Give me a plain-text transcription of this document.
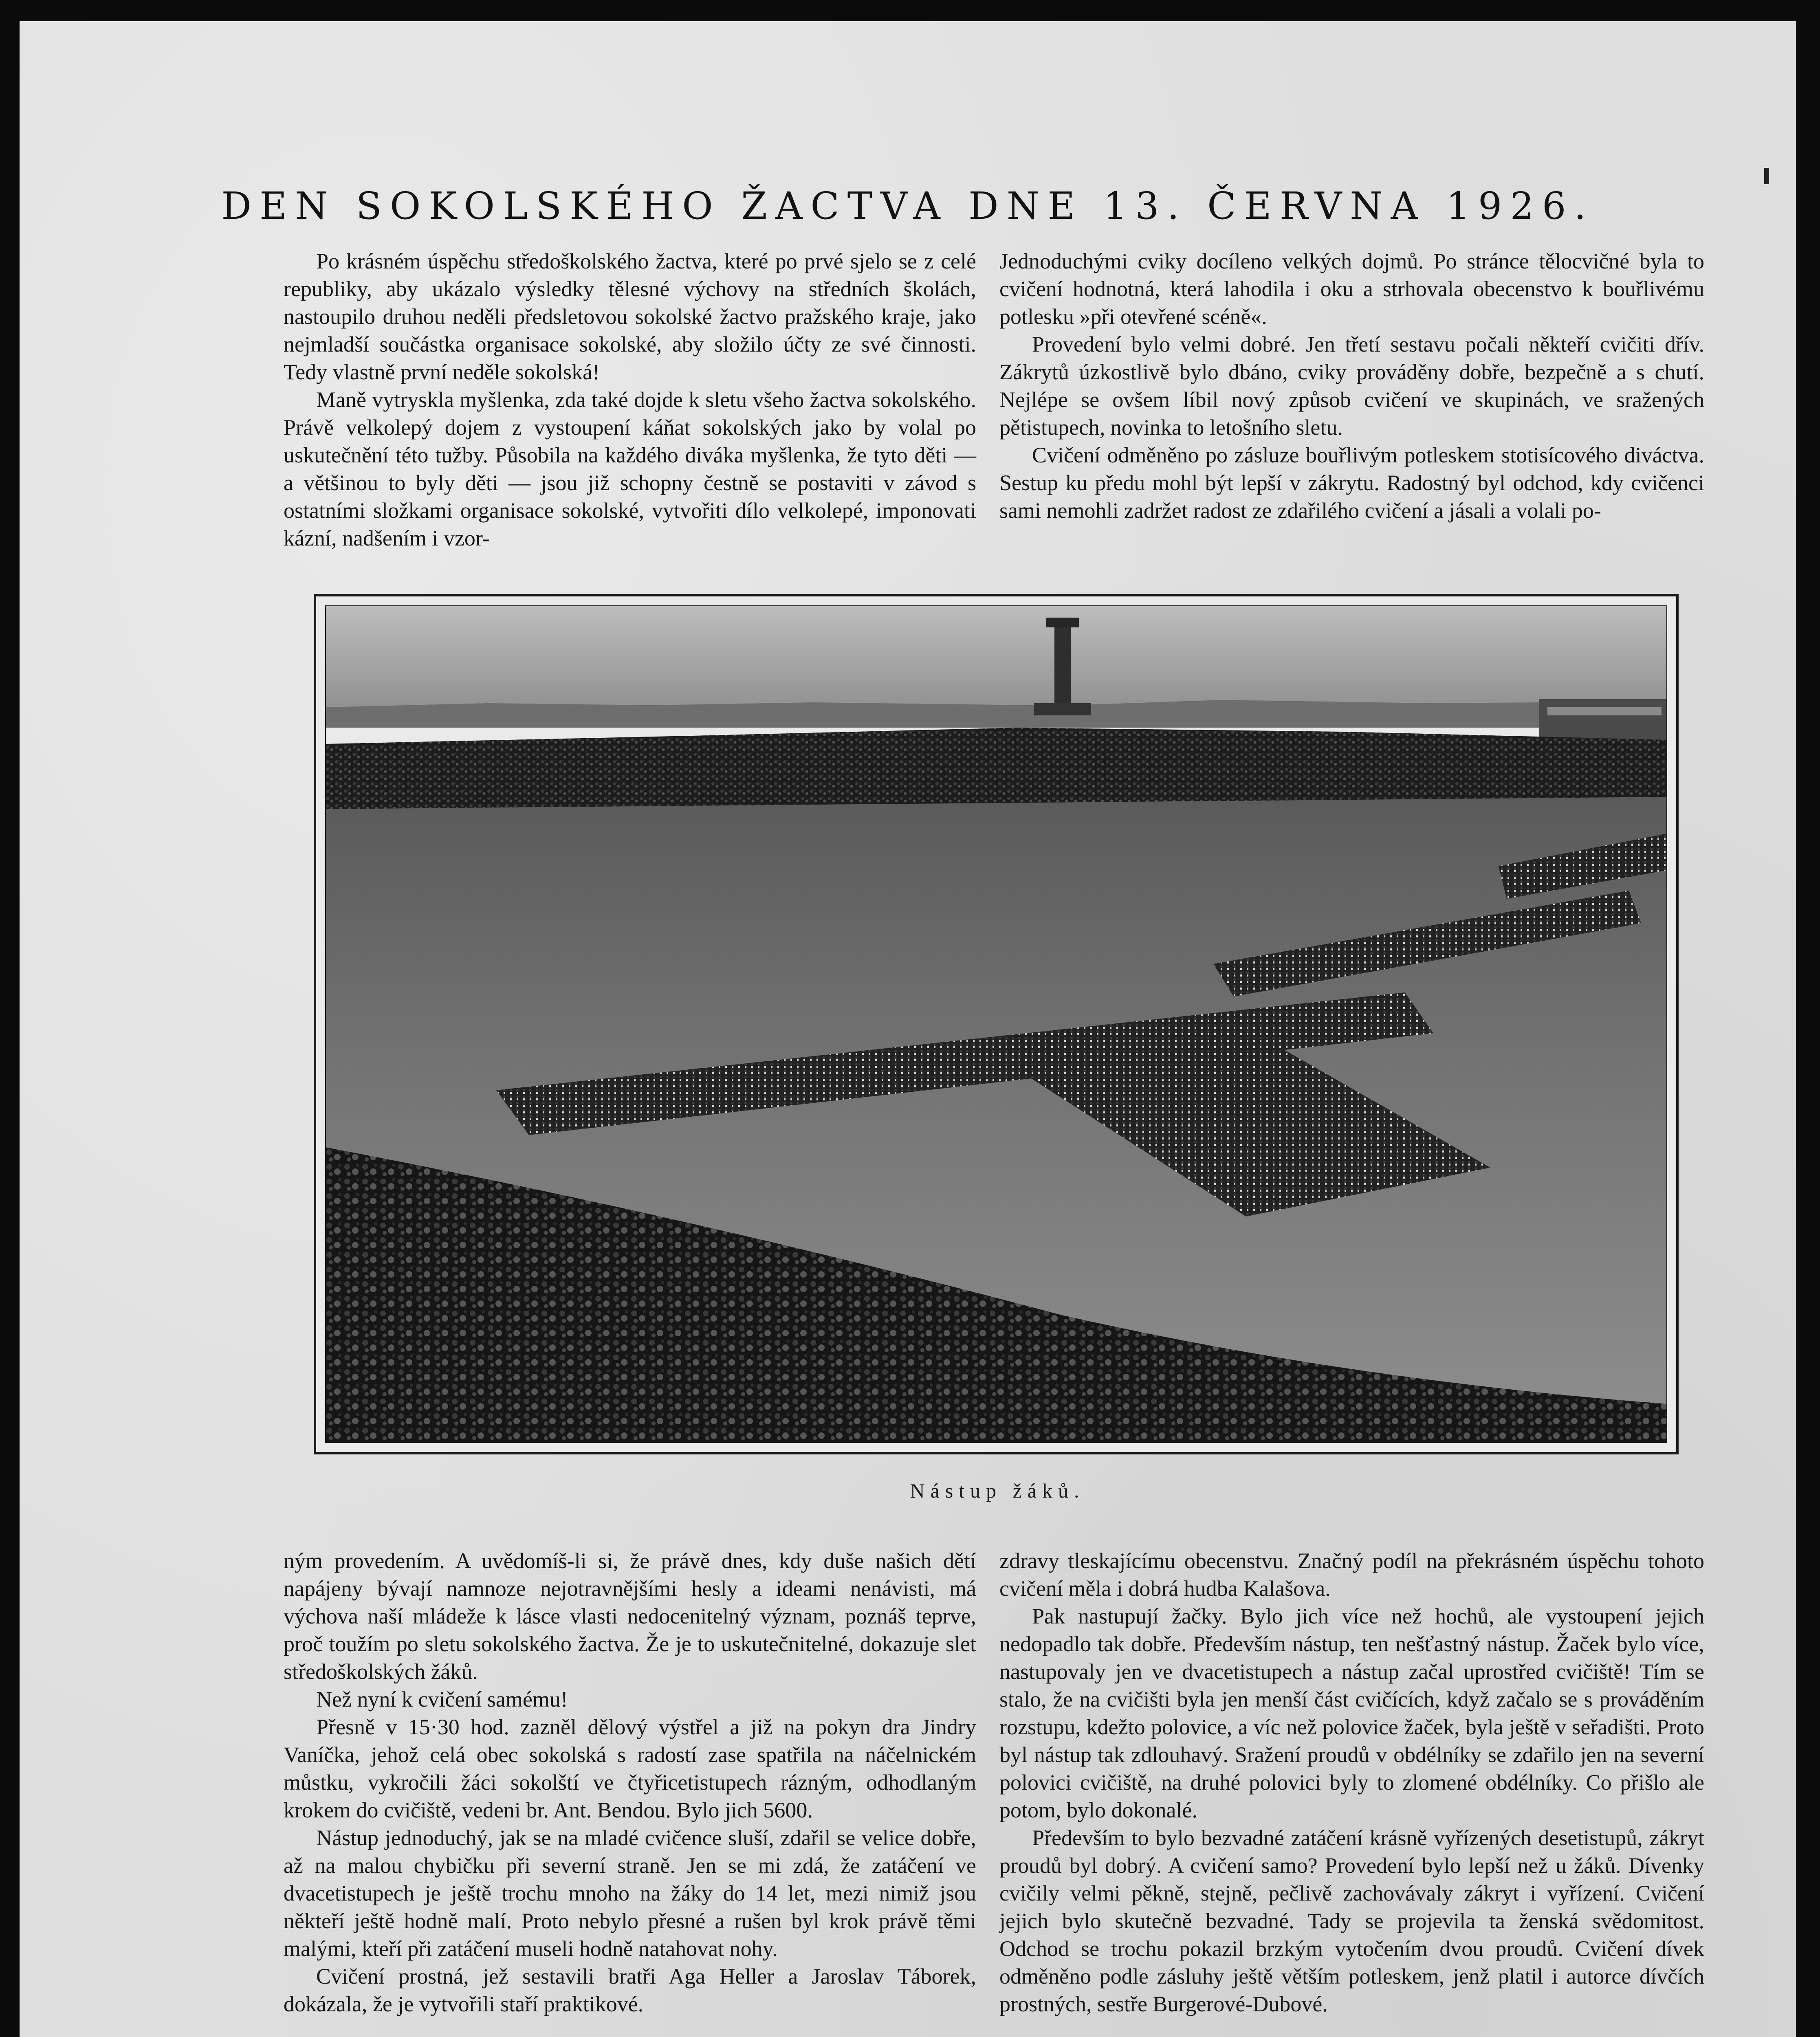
DEN SOKOLSKÉHO ŽACTVA DNE 13. ČERVNA 1926.

Po krásném úspěchu středoškolského žactva, které po prvé sjelo se z celé republiky, aby ukázalo výsledky tělesné výchovy na středních školách, nastoupilo druhou neděli předsletovou sokolské žactvo pražského kraje, jako nejmladší součástka organisace sokolské, aby složilo účty ze své činnosti. Tedy vlastně první neděle sokolská!

Maně vytryskla myšlenka, zda také dojde k sletu všeho žactva sokolského. Právě velkolepý dojem z vystoupení káňat sokolských jako by volal po uskutečnění této tužby. Působila na každého diváka myšlenka, že tyto děti — a většinou to byly děti — jsou již schopny čestně se postaviti v závod s ostatními složkami organisace sokolské, vytvořiti dílo velkolepé, imponovati kázní, nadšením i vzor-

Jednoduchými cviky docíleno velkých dojmů. Po stránce tělocvičné byla to cvičení hodnotná, která lahodila i oku a strhovala obecenstvo k bouřlivému potlesku »při otevřené scéně«.

Provedení bylo velmi dobré. Jen třetí sestavu počali někteří cvičiti dřív. Zákrytů úzkostlivě bylo dbáno, cviky prováděny dobře, bezpečně a s chutí. Nejlépe se ovšem líbil nový způsob cvičení ve skupinách, ve sražených pětistupech, novinka to letošního sletu.

Cvičení odměněno po zásluze bouřlivým potleskem stotisícového diváctva. Sestup ku předu mohl být lepší v zákrytu. Radostný byl odchod, kdy cvičenci sami nemohli zadržet radost ze zdařilého cvičení a jásali a volali po-

Nástup žáků.

ným provedením. A uvědomíš-li si, že právě dnes, kdy duše našich dětí napájeny bývají namnoze nejotravnějšími hesly a ideami nenávisti, má výchova naší mládeže k lásce vlasti nedocenitelný význam, poznáš teprve, proč toužím po sletu sokolského žactva. Že je to uskutečnitelné, dokazuje slet středoškolských žáků.

Než nyní k cvičení samému!

Přesně v 15·30 hod. zazněl dělový výstřel a již na pokyn dra Jindry Vaníčka, jehož celá obec sokolská s radostí zase spatřila na náčelnickém můstku, vykročili žáci sokolští ve čtyřicetistupech rázným, odhodlaným krokem do cvičiště, vedeni br. Ant. Bendou. Bylo jich 5600.

Nástup jednoduchý, jak se na mladé cvičence sluší, zdařil se velice dobře, až na malou chybičku při severní straně. Jen se mi zdá, že zatáčení ve dvacetistupech je ještě trochu mnoho na žáky do 14 let, mezi nimiž jsou někteří ještě hodně malí. Proto nebylo přesné a rušen byl krok právě těmi malými, kteří při zatáčení museli hodně natahovat nohy.

Cvičení prostná, jež sestavili bratři Aga Heller a Jaroslav Táborek, dokázala, že je vytvořili staří praktikové.

zdravy tleskajícímu obecenstvu. Značný podíl na překrásném úspěchu tohoto cvičení měla i dobrá hudba Kalašova.

Pak nastupují žačky. Bylo jich více než hochů, ale vystoupení jejich nedopadlo tak dobře. Především nástup, ten nešťastný nástup. Žaček bylo více, nastupovaly jen ve dvacetistupech a nástup začal uprostřed cvičiště! Tím se stalo, že na cvičišti byla jen menší část cvičících, když začalo se s prováděním rozstupu, kdežto polovice, a víc než polovice žaček, byla ještě v seřadišti. Proto byl nástup tak zdlouhavý. Sražení proudů v obdélníky se zdařilo jen na severní polovici cvičiště, na druhé polovici byly to zlomené obdélníky. Co přišlo ale potom, bylo dokonalé.

Především to bylo bezvadné zatáčení krásně vyřízených desetistupů, zákryt proudů byl dobrý. A cvičení samo? Provedení bylo lepší než u žáků. Dívenky cvičily velmi pěkně, stejně, pečlivě zachovávaly zákryt i vyřízení. Cvičení jejich bylo skutečně bezvadné. Tady se projevila ta ženská svědomitost. Odchod se trochu pokazil brzkým vytočením dvou proudů. Cvičení dívek odměněno podle zásluhy ještě větším potleskem, jenž platil i autorce dívčích prostných, sestře Burgerové-Dubové.
